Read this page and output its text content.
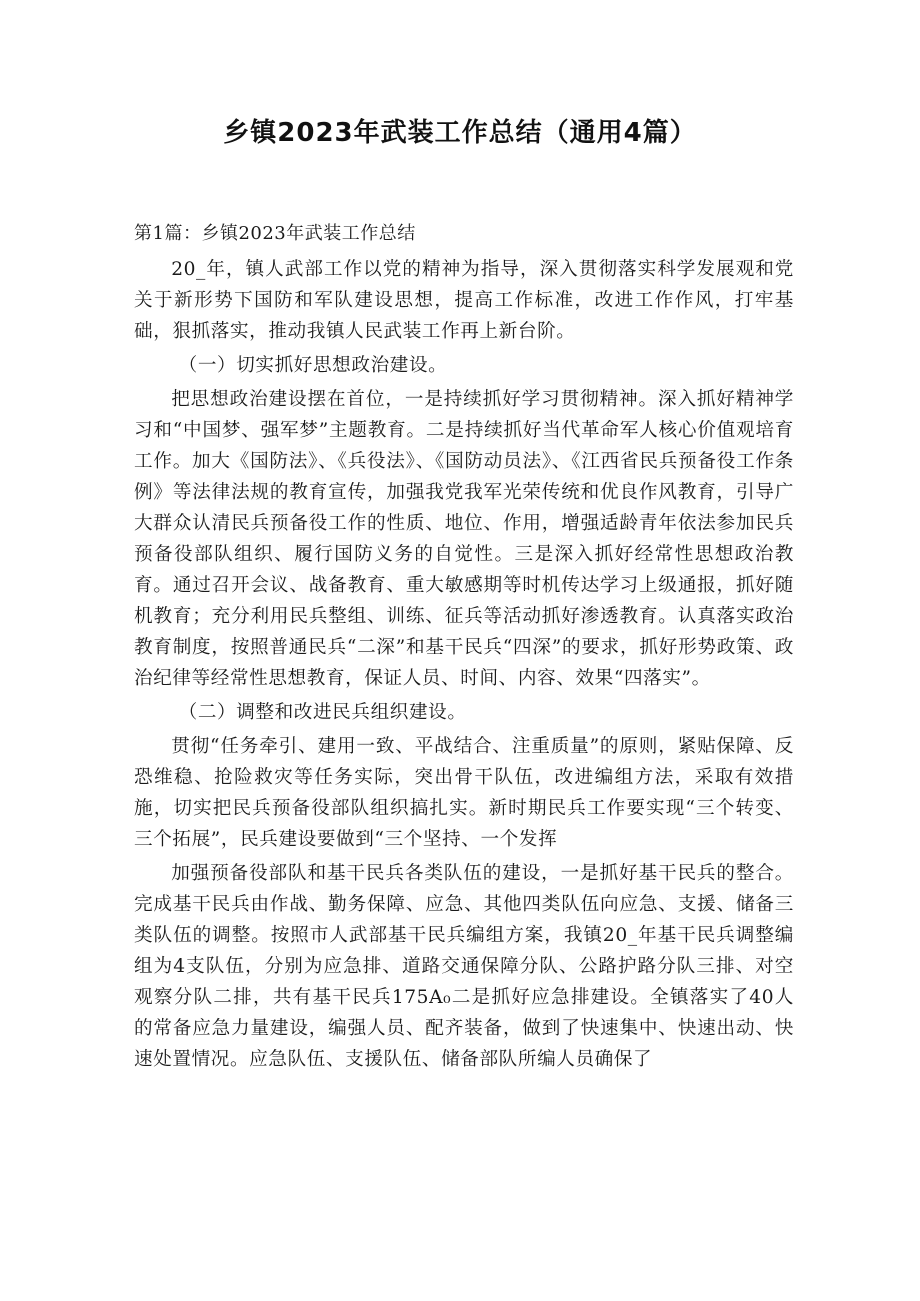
乡镇2023年武装工作总结（通用4篇）

第1篇：乡镇2023年武装工作总结

20_年，镇人武部工作以党的精神为指导，深入贯彻落实科学发展观和党关于新形势下国防和军队建设思想，提高工作标准，改进工作作风，打牢基础，狠抓落实，推动我镇人民武装工作再上新台阶。

（一）切实抓好思想政治建设。

把思想政治建设摆在首位，一是持续抓好学习贯彻精神。深入抓好精神学习和“中国梦、强军梦”主题教育。二是持续抓好当代革命军人核心价值观培育工作。加大《国防法》、《兵役法》、《国防动员法》、《江西省民兵预备役工作条例》等法律法规的教育宣传，加强我党我军光荣传统和优良作风教育，引导广大群众认清民兵预备役工作的性质、地位、作用，增强适龄青年依法参加民兵预备役部队组织、履行国防义务的自觉性。三是深入抓好经常性思想政治教育。通过召开会议、战备教育、重大敏感期等时机传达学习上级通报，抓好随机教育；充分利用民兵整组、训练、征兵等活动抓好渗透教育。认真落实政治教育制度，按照普通民兵“二深”和基干民兵“四深”的要求，抓好形势政策、政治纪律等经常性思想教育，保证人员、时间、内容、效果“四落实”。

（二）调整和改进民兵组织建设。

贯彻“任务牵引、建用一致、平战结合、注重质量”的原则，紧贴保障、反恐维稳、抢险救灾等任务实际，突出骨干队伍，改进编组方法，采取有效措施，切实把民兵预备役部队组织搞扎实。新时期民兵工作要实现“三个转变、三个拓展”，民兵建设要做到“三个坚持、一个发挥

加强预备役部队和基干民兵各类队伍的建设，一是抓好基干民兵的整合。完成基干民兵由作战、勤务保障、应急、其他四类队伍向应急、支援、储备三类队伍的调整。按照市人武部基干民兵编组方案，我镇20_年基干民兵调整编组为4支队伍，分别为应急排、道路交通保障分队、公路护路分队三排、对空观察分队二排，共有基干民兵175A₀二是抓好应急排建设。全镇落实了40人的常备应急力量建设，编强人员、配齐装备，做到了快速集中、快速出动、快速处置情况。应急队伍、支援队伍、储备部队所编人员确保了
